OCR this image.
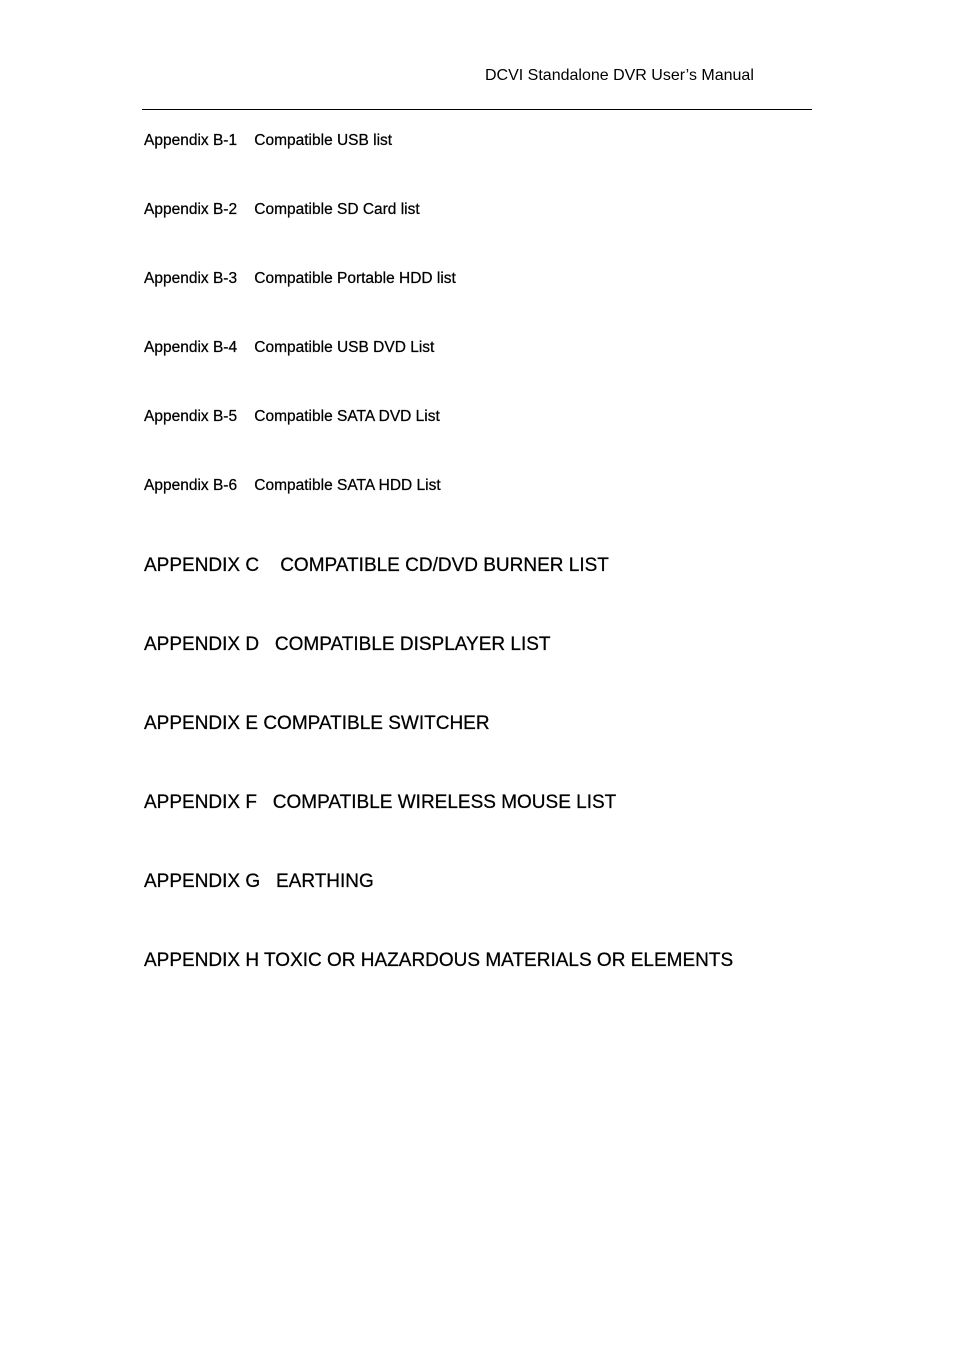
DCVI Standalone DVR User’s Manual
Appendix B-1    Compatible USB list
Appendix B-2    Compatible SD Card list
Appendix B-3    Compatible Portable HDD list
Appendix B-4    Compatible USB DVD List
Appendix B-5    Compatible SATA DVD List
Appendix B-6    Compatible SATA HDD List
APPENDIX C    COMPATIBLE CD/DVD BURNER LIST
APPENDIX D   COMPATIBLE DISPLAYER LIST
APPENDIX E COMPATIBLE SWITCHER
APPENDIX F   COMPATIBLE WIRELESS MOUSE LIST
APPENDIX G   EARTHING
APPENDIX H TOXIC OR HAZARDOUS MATERIALS OR ELEMENTS
